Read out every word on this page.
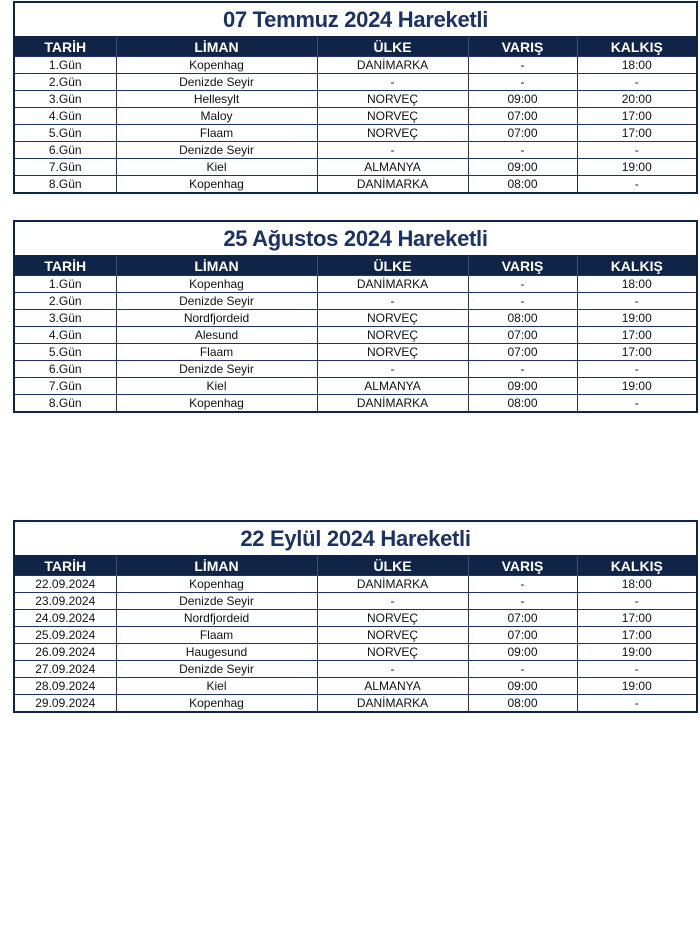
07 Temmuz 2024 Hareketli
TARİH	LİMAN	ÜLKE	VARIŞ	KALKIŞ
1.Gün	Kopenhag	DANİMARKA	-	18:00
2.Gün	Denizde Seyir	-	-	-
3.Gün	Hellesylt	NORVEÇ	09:00	20:00
4.Gün	Maloy	NORVEÇ	07:00	17:00
5.Gün	Flaam	NORVEÇ	07:00	17:00
6.Gün	Denizde Seyir	-	-	-
7.Gün	Kiel	ALMANYA	09:00	19:00
8.Gün	Kopenhag	DANİMARKA	08:00	-
25 Ağustos 2024 Hareketli
TARİH	LİMAN	ÜLKE	VARIŞ	KALKIŞ
1.Gün	Kopenhag	DANİMARKA	-	18:00
2.Gün	Denizde Seyir	-	-	-
3.Gün	Nordfjordeid	NORVEÇ	08:00	19:00
4.Gün	Alesund	NORVEÇ	07:00	17:00
5.Gün	Flaam	NORVEÇ	07:00	17:00
6.Gün	Denizde Seyir	-	-	-
7.Gün	Kiel	ALMANYA	09:00	19:00
8.Gün	Kopenhag	DANİMARKA	08:00	-
22 Eylül 2024 Hareketli
TARİH	LİMAN	ÜLKE	VARIŞ	KALKIŞ
22.09.2024	Kopenhag	DANİMARKA	-	18:00
23.09.2024	Denizde Seyir	-	-	-
24.09.2024	Nordfjordeid	NORVEÇ	07:00	17:00
25.09.2024	Flaam	NORVEÇ	07:00	17:00
26.09.2024	Haugesund	NORVEÇ	09:00	19:00
27.09.2024	Denizde Seyir	-	-	-
28.09.2024	Kiel	ALMANYA	09:00	19:00
29.09.2024	Kopenhag	DANİMARKA	08:00	-
